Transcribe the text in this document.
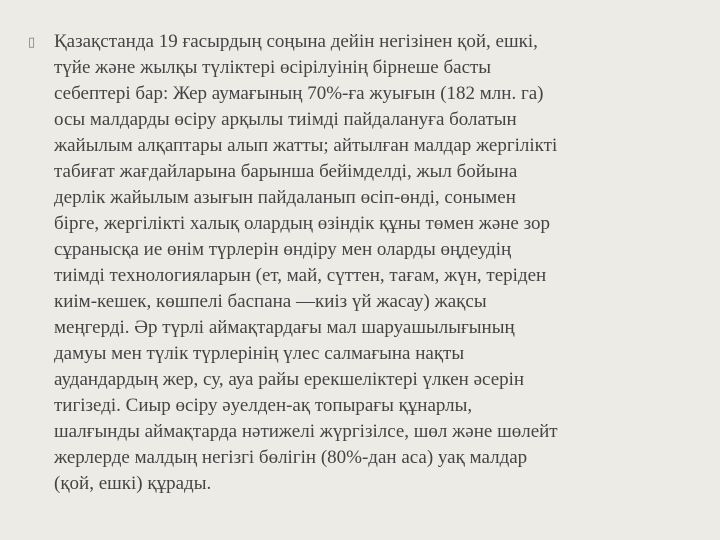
▯ Қазақстанда 19 ғасырдың соңына дейін негізінен қой, ешкі,
түйе және жылқы түліктері өсірілуінің бірнеше басты
себептері бар: Жер аумағының 70%-ға жуығын (182 млн. га)
осы малдарды өсіру арқылы тиімді пайдалануға болатын
жайылым алқаптары алып жатты; айтылған малдар жергілікті
табиғат жағдайларына барынша бейімделді, жыл бойына
дерлік жайылым азығын пайдаланып өсіп-өнді, сонымен
бірге, жергілікті халық олардың өзіндік құны төмен және зор
сұранысқа ие өнім түрлерін өндіру мен оларды өңдеудің
тиімді технологияларын (ет, май, сүттен, тағам, жүн, теріден
киім-кешек, көшпелі баспана —киіз үй жасау) жақсы
меңгерді. Әр түрлі аймақтардағы мал шаруашылығының
дамуы мен түлік түрлерінің үлес салмағына нақты
аудандардың жер, су, ауа райы ерекшеліктері үлкен әсерін
тигізеді. Сиыр өсіру әуелден-ақ топырағы құнарлы,
шалғынды аймақтарда нәтижелі жүргізілсе, шөл және шөлейт
жерлерде малдың негізгі бөлігін (80%-дан аса) уақ малдар
(қой, ешкі) құрады.
